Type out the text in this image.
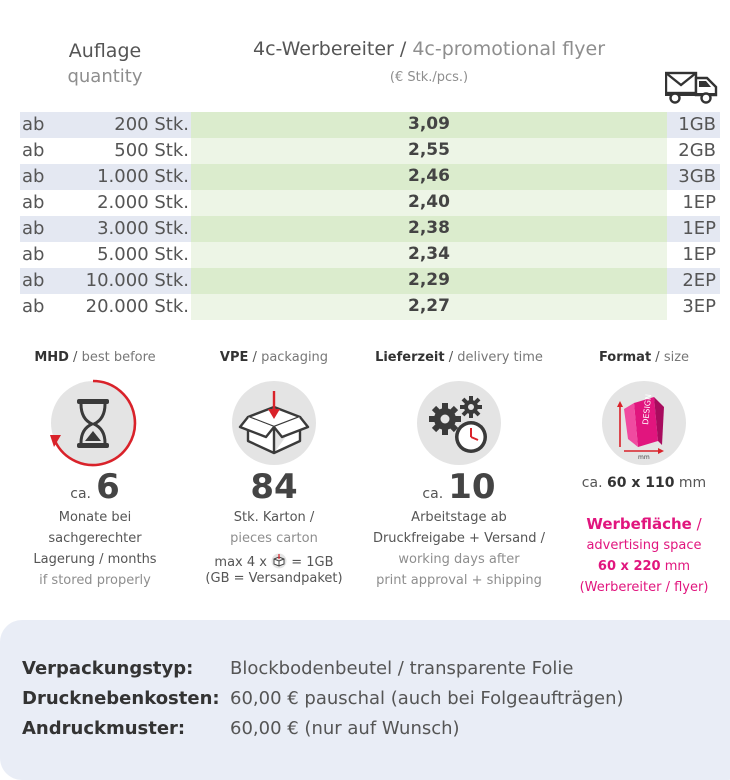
Auflage
quantity
4c-Werbereiter / 4c-promotional flyer
(€ Stk./pcs.)
ab	200 Stk.	3,09	1GB
ab	500 Stk.	2,55	2GB
ab	1.000 Stk.	2,46	3GB
ab	2.000 Stk.	2,40	1EP
ab	3.000 Stk.	2,38	1EP
ab	5.000 Stk.	2,34	1EP
ab 10.000 Stk.	2,29	2EP
ab 20.000 Stk.	2,27	3EP
MHD / best before
ca. 6
Monate bei
sachgerechter
Lagerung / months
if stored properly
VPE / packaging
84
Stk. Karton /
pieces carton
max 4 x = 1GB
(GB = Versandpaket)
Lieferzeit / delivery time
ca. 10
Arbeitstage ab
Druckfreigabe + Versand /
working days after
print approval + shipping
Format / size
DESIGN
mm
ca. 60 x 110 mm
Werbefläche /
advertising space
60 x 220 mm
(Werbereiter / flyer)
Verpackungstyp: Blockbodenbeutel / transparente Folie
Drucknebenkosten: 60,00 € pauschal (auch bei Folgeaufträgen)
Andruckmuster: 60,00 € (nur auf Wunsch)
